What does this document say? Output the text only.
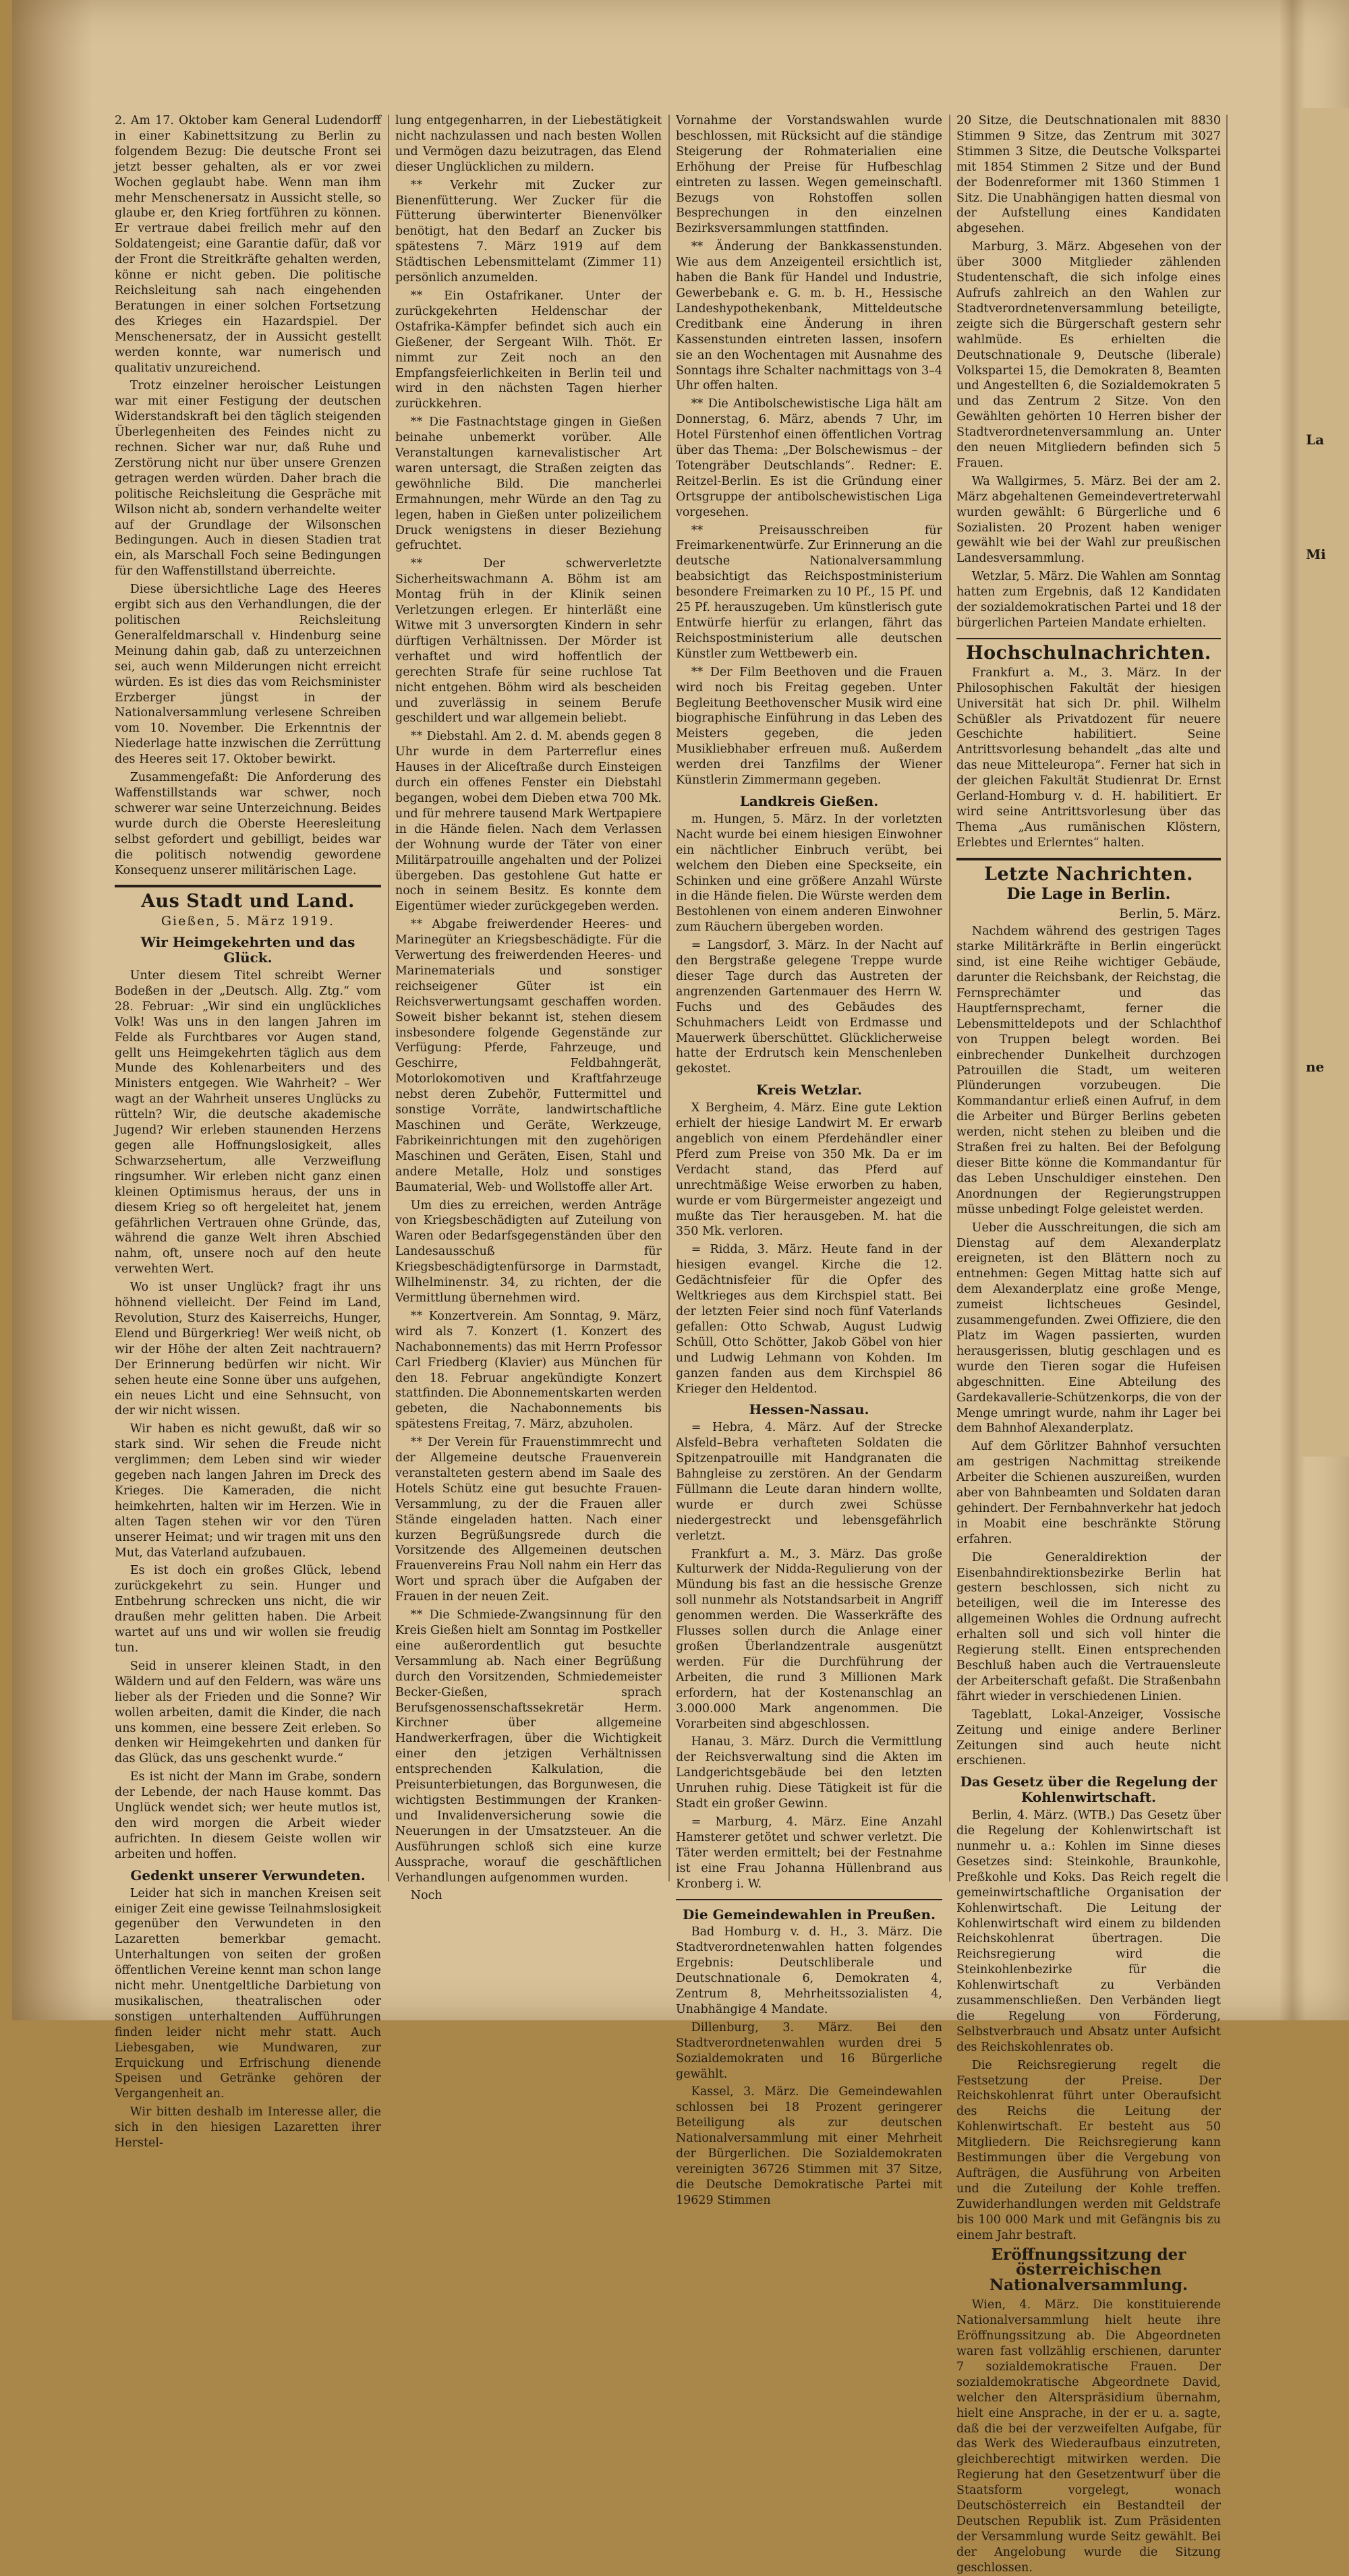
2. Am 17. Oktober kam General Ludendorff in einer Kabinettsitzung zu Berlin zu folgendem Bezug: Die deutsche Front sei jetzt besser gehalten, als er vor zwei Wochen geglaubt habe. Wenn man ihm mehr Menschenersatz in Aussicht stelle, so glaube er, den Krieg fortführen zu können. Er vertraue dabei freilich mehr auf den Soldatengeist; eine Garantie dafür, daß vor der Front die Streitkräfte gehalten werden, könne er nicht geben. Die politische Reichsleitung sah nach eingehenden Beratungen in einer solchen Fortsetzung des Krieges ein Hazardspiel. Der Menschenersatz, der in Aussicht gestellt werden konnte, war numerisch und qualitativ unzureichend.

Trotz einzelner heroischer Leistungen war mit einer Festigung der deutschen Widerstandskraft bei den täglich steigenden Überlegenheiten des Feindes nicht zu rechnen. Sicher war nur, daß Ruhe und Zerstörung nicht nur über unsere Grenzen getragen werden würden. Daher brach die politische Reichsleitung die Gespräche mit Wilson nicht ab, sondern verhandelte weiter auf der Grundlage der Wilsonschen Bedingungen. Auch in diesen Stadien trat ein, als Marschall Foch seine Bedingungen für den Waffenstillstand überreichte.

Diese übersichtliche Lage des Heeres ergibt sich aus den Verhandlungen, die der politischen Reichsleitung Generalfeldmarschall v. Hindenburg seine Meinung dahin gab, daß zu unterzeichnen sei, auch wenn Milderungen nicht erreicht würden. Es ist dies das vom Reichsminister Erzberger jüngst in der Nationalversammlung verlesene Schreiben vom 10. November. Die Erkenntnis der Niederlage hatte inzwischen die Zerrüttung des Heeres seit 17. Oktober bewirkt.

Zusammengefaßt: Die Anforderung des Waffenstillstands war schwer, noch schwerer war seine Unterzeichnung. Beides wurde durch die Oberste Heeresleitung selbst gefordert und gebilligt, beides war die politisch notwendig gewordene Konsequenz unserer militärischen Lage.

Aus Stadt und Land.
Gießen, 5. März 1919.
Wir Heimgekehrten und das Glück.

Unter diesem Titel schreibt Werner Bodeßen in der „Deutsch. Allg. Ztg.“ vom 28. Februar: „Wir sind ein unglückliches Volk! Was uns in den langen Jahren im Felde als Furchtbares vor Augen stand, gellt uns Heimgekehrten täglich aus dem Munde des Kohlenarbeiters und des Ministers entgegen. Wie Wahrheit? – Wer wagt an der Wahrheit unseres Unglücks zu rütteln? Wir, die deutsche akademische Jugend? Wir erleben staunenden Herzens gegen alle Hoffnungslosigkeit, alles Schwarzsehertum, alle Verzweiflung ringsumher. Wir erleben nicht ganz einen kleinen Optimismus heraus, der uns in diesem Krieg so oft hergeleitet hat, jenem gefährlichen Vertrauen ohne Gründe, das, während die ganze Welt ihren Abschied nahm, oft, unsere noch auf den heute verwehten Wert.

Wo ist unser Unglück? fragt ihr uns höhnend vielleicht. Der Feind im Land, Revolution, Sturz des Kaiserreichs, Hunger, Elend und Bürgerkrieg! Wer weiß nicht, ob wir der Höhe der alten Zeit nachtrauern? Der Erinnerung bedürfen wir nicht. Wir sehen heute eine Sonne über uns aufgehen, ein neues Licht und eine Sehnsucht, von der wir nicht wissen.

Wir haben es nicht gewußt, daß wir so stark sind. Wir sehen die Freude nicht verglimmen; dem Leben sind wir wieder gegeben nach langen Jahren im Dreck des Krieges. Die Kameraden, die nicht heimkehrten, halten wir im Herzen. Wie in alten Tagen stehen wir vor den Türen unserer Heimat; und wir tragen mit uns den Mut, das Vaterland aufzubauen.

Es ist doch ein großes Glück, lebend zurückgekehrt zu sein. Hunger und Entbehrung schrecken uns nicht, die wir draußen mehr gelitten haben. Die Arbeit wartet auf uns und wir wollen sie freudig tun.

Seid in unserer kleinen Stadt, in den Wäldern und auf den Feldern, was wäre uns lieber als der Frieden und die Sonne? Wir wollen arbeiten, damit die Kinder, die nach uns kommen, eine bessere Zeit erleben. So denken wir Heimgekehrten und danken für das Glück, das uns geschenkt wurde.“

Es ist nicht der Mann im Grabe, sondern der Lebende, der nach Hause kommt. Das Unglück wendet sich; wer heute mutlos ist, den wird morgen die Arbeit wieder aufrichten. In diesem Geiste wollen wir arbeiten und hoffen.

Gedenkt unserer Verwundeten.

Leider hat sich in manchen Kreisen seit einiger Zeit eine gewisse Teilnahmslosigkeit gegenüber den Verwundeten in den Lazaretten bemerkbar gemacht. Unterhaltungen von seiten der großen öffentlichen Vereine kennt man schon lange nicht mehr. Unentgeltliche Darbietung von musikalischen, theatralischen oder sonstigen unterhaltenden Aufführungen finden leider nicht mehr statt. Auch Liebesgaben, wie Mundwaren, zur Erquickung und Erfrischung dienende Speisen und Getränke gehören der Vergangenheit an.

Wir bitten deshalb im Interesse aller, die sich in den hiesigen Lazaretten ihrer Herstel-

lung entgegenharren, in der Liebestätigkeit nicht nachzulassen und nach besten Wollen und Vermögen dazu beizutragen, das Elend dieser Unglücklichen zu mildern.

** Verkehr mit Zucker zur Bienenfütterung. Wer Zucker für die Fütterung überwinterter Bienenvölker benötigt, hat den Bedarf an Zucker bis spätestens 7. März 1919 auf dem Städtischen Lebensmittelamt (Zimmer 11) persönlich anzumelden.

** Ein Ostafrikaner. Unter der zurückgekehrten Heldenschar der Ostafrika-Kämpfer befindet sich auch ein Gießener, der Sergeant Wilh. Thöt. Er nimmt zur Zeit noch an den Empfangsfeierlichkeiten in Berlin teil und wird in den nächsten Tagen hierher zurückkehren.

** Die Fastnachtstage gingen in Gießen beinahe unbemerkt vorüber. Alle Veranstaltungen karnevalistischer Art waren untersagt, die Straßen zeigten das gewöhnliche Bild. Die mancherlei Ermahnungen, mehr Würde an den Tag zu legen, haben in Gießen unter polizeilichem Druck wenigstens in dieser Beziehung gefruchtet.

** Der schwerverletzte Sicherheitswachmann A. Böhm ist am Montag früh in der Klinik seinen Verletzungen erlegen. Er hinterläßt eine Witwe mit 3 unversorgten Kindern in sehr dürftigen Verhältnissen. Der Mörder ist verhaftet und wird hoffentlich der gerechten Strafe für seine ruchlose Tat nicht entgehen. Böhm wird als bescheiden und zuverlässig in seinem Berufe geschildert und war allgemein beliebt.

** Diebstahl. Am 2. d. M. abends gegen 8 Uhr wurde in dem Parterreflur eines Hauses in der Aliceſtraße durch Einsteigen durch ein offenes Fenster ein Diebstahl begangen, wobei dem Dieben etwa 700 Mk. und für mehrere tausend Mark Wertpapiere in die Hände fielen. Nach dem Verlassen der Wohnung wurde der Täter von einer Militärpatrouille angehalten und der Polizei übergeben. Das gestohlene Gut hatte er noch in seinem Besitz. Es konnte dem Eigentümer wieder zurückgegeben werden.

** Abgabe freiwerdender Heeres- und Marinegüter an Kriegsbeschädigte. Für die Verwertung des freiwerdenden Heeres- und Marinematerials und sonstiger reichseigener Güter ist ein Reichsverwertungsamt geschaffen worden. Soweit bisher bekannt ist, stehen diesem insbesondere folgende Gegenstände zur Verfügung: Pferde, Fahrzeuge, und Geschirre, Feldbahngerät, Motorlokomotiven und Kraftfahrzeuge nebst deren Zubehör, Futtermittel und sonstige Vorräte, landwirtschaftliche Maschinen und Geräte, Werkzeuge, Fabrikeinrichtungen mit den zugehörigen Maschinen und Geräten, Eisen, Stahl und andere Metalle, Holz und sonstiges Baumaterial, Web- und Wollstoffe aller Art.

Um dies zu erreichen, werden Anträge von Kriegsbeschädigten auf Zuteilung von Waren oder Bedarfsgegenständen über den Landesausschuß für Kriegsbeschädigtenfürsorge in Darmstadt, Wilhelminenstr. 34, zu richten, der die Vermittlung übernehmen wird.

** Konzertverein. Am Sonntag, 9. März, wird als 7. Konzert (1. Konzert des Nachabonnements) das mit Herrn Professor Carl Friedberg (Klavier) aus München für den 18. Februar angekündigte Konzert stattfinden. Die Abonnementskarten werden gebeten, die Nachabonnements bis spätestens Freitag, 7. März, abzuholen.

** Der Verein für Frauenstimmrecht und der Allgemeine deutsche Frauenverein veranstalteten gestern abend im Saale des Hotels Schütz eine gut besuchte Frauen-Versammlung, zu der die Frauen aller Stände eingeladen hatten. Nach einer kurzen Begrüßungsrede durch die Vorsitzende des Allgemeinen deutschen Frauenvereins Frau Noll nahm ein Herr das Wort und sprach über die Aufgaben der Frauen in der neuen Zeit.

** Die Schmiede-Zwangsinnung für den Kreis Gießen hielt am Sonntag im Postkeller eine außerordentlich gut besuchte Versammlung ab. Nach einer Begrüßung durch den Vorsitzenden, Schmiedemeister Becker-Gießen, sprach Berufsgenossenschaftssekretär Herm. Kirchner über allgemeine Handwerkerfragen, über die Wichtigkeit einer den jetzigen Verhältnissen entsprechenden Kalkulation, die Preisunterbietungen, das Borgunwesen, die wichtigsten Bestimmungen der Kranken- und Invalidenversicherung sowie die Neuerungen in der Umsatzsteuer. An die Ausführungen schloß sich eine kurze Aussprache, worauf die geschäftlichen Verhandlungen aufgenommen wurden.

Noch

Vornahme der Vorstandswahlen wurde beschlossen, mit Rücksicht auf die ständige Steigerung der Rohmaterialien eine Erhöhung der Preise für Hufbeschlag eintreten zu lassen. Wegen gemeinschaftl. Bezugs von Rohstoffen sollen Besprechungen in den einzelnen Bezirksversammlungen stattfinden.

** Änderung der Bankkassenstunden. Wie aus dem Anzeigenteil ersichtlich ist, haben die Bank für Handel und Industrie, Gewerbebank e. G. m. b. H., Hessische Landeshypothekenbank, Mitteldeutsche Creditbank eine Änderung in ihren Kassenstunden eintreten lassen, insofern sie an den Wochentagen mit Ausnahme des Sonntags ihre Schalter nachmittags von 3–4 Uhr offen halten.

** Die Antibolschewistische Liga hält am Donnerstag, 6. März, abends 7 Uhr, im Hotel Fürstenhof einen öffentlichen Vortrag über das Thema: „Der Bolschewismus – der Totengräber Deutschlands“. Redner: E. Reitzel-Berlin. Es ist die Gründung einer Ortsgruppe der antibolschewistischen Liga vorgesehen.

** Preisausschreiben für Freimarkenentwürfe. Zur Erinnerung an die deutsche Nationalversammlung beabsichtigt das Reichspostministerium besondere Freimarken zu 10 Pf., 15 Pf. und 25 Pf. herauszugeben. Um künstlerisch gute Entwürfe hierfür zu erlangen, fährt das Reichspostministerium alle deutschen Künstler zum Wettbewerb ein.

** Der Film Beethoven und die Frauen wird noch bis Freitag gegeben. Unter Begleitung Beethovenscher Musik wird eine biographische Einführung in das Leben des Meisters gegeben, die jeden Musikliebhaber erfreuen muß. Außerdem werden drei Tanzfilms der Wiener Künstlerin Zimmermann gegeben.

Landkreis Gießen.

m. Hungen, 5. März. In der vorletzten Nacht wurde bei einem hiesigen Einwohner ein nächtlicher Einbruch verübt, bei welchem den Dieben eine Speckseite, ein Schinken und eine größere Anzahl Würste in die Hände fielen. Die Würste werden dem Bestohlenen von einem anderen Einwohner zum Räuchern übergeben worden.

= Langsdorf, 3. März. In der Nacht auf den Bergstraße gelegene Treppe wurde dieser Tage durch das Austreten der angrenzenden Gartenmauer des Herrn W. Fuchs und des Gebäudes des Schuhmachers Leidt von Erdmasse und Mauerwerk überschüttet. Glücklicherweise hatte der Erdrutsch kein Menschenleben gekostet.

Kreis Wetzlar.

X Bergheim, 4. März. Eine gute Lektion erhielt der hiesige Landwirt M. Er erwarb angeblich von einem Pferdehändler einer Pferd zum Preise von 350 Mk. Da er im Verdacht stand, das Pferd auf unrechtmäßige Weise erworben zu haben, wurde er vom Bürgermeister angezeigt und mußte das Tier herausgeben. M. hat die 350 Mk. verloren.

= Ridda, 3. März. Heute fand in der hiesigen evangel. Kirche die 12. Gedächtnisfeier für die Opfer des Weltkrieges aus dem Kirchspiel statt. Bei der letzten Feier sind noch fünf Vaterlands gefallen: Otto Schwab, August Ludwig Schüll, Otto Schötter, Jakob Göbel von hier und Ludwig Lehmann von Kohden. Im ganzen fanden aus dem Kirchspiel 86 Krieger den Heldentod.

Hessen-Nassau.

= Hebra, 4. März. Auf der Strecke Alsfeld–Bebra verhafteten Soldaten die Spitzenpatrouille mit Handgranaten die Bahngleise zu zerstören. An der Gendarm Füllmann die Leute daran hindern wollte, wurde er durch zwei Schüsse niedergestreckt und lebensgefährlich verletzt.

Frankfurt a. M., 3. März. Das große Kulturwerk der Nidda-Regulierung von der Mündung bis fast an die hessische Grenze soll nunmehr als Notstandsarbeit in Angriff genommen werden. Die Wasserkräfte des Flusses sollen durch die Anlage einer großen Überlandzentrale ausgenützt werden. Für die Durchführung der Arbeiten, die rund 3 Millionen Mark erfordern, hat der Kostenanschlag an 3.000.000 Mark angenommen. Die Vorarbeiten sind abgeschlossen.

Hanau, 3. März. Durch die Vermittlung der Reichsverwaltung sind die Akten im Landgerichtsgebäude bei den letzten Unruhen ruhig. Diese Tätigkeit ist für die Stadt ein großer Gewinn.

= Marburg, 4. März. Eine Anzahl Hamsterer getötet und schwer verletzt. Die Täter werden ermittelt; bei der Festnahme ist eine Frau Johanna Hüllenbrand aus Kronberg i. W.

Die Gemeindewahlen in Preußen.

Bad Homburg v. d. H., 3. März. Die Stadtverordnetenwahlen hatten folgendes Ergebnis: Deutschliberale und Deutschnationale 6, Demokraten 4, Zentrum 8, Mehrheitssozialisten 4, Unabhängige 4 Mandate.

Dillenburg, 3. März. Bei den Stadtverordnetenwahlen wurden drei 5 Sozialdemokraten und 16 Bürgerliche gewählt.

Kassel, 3. März. Die Gemeindewahlen schlossen bei 18 Prozent geringerer Beteiligung als zur deutschen Nationalversammlung mit einer Mehrheit der Bürgerlichen. Die Sozialdemokraten vereinigten 36726 Stimmen mit 37 Sitze, die Deutsche Demokratische Partei mit 19629 Stimmen

20 Sitze, die Deutschnationalen mit 8830 Stimmen 9 Sitze, das Zentrum mit 3027 Stimmen 3 Sitze, die Deutsche Volkspartei mit 1854 Stimmen 2 Sitze und der Bund der Bodenreformer mit 1360 Stimmen 1 Sitz. Die Unabhängigen hatten diesmal von der Aufstellung eines Kandidaten abgesehen.

Marburg, 3. März. Abgesehen von der über 3000 Mitglieder zählenden Studentenschaft, die sich infolge eines Aufrufs zahlreich an den Wahlen zur Stadtverordnetenversammlung beteiligte, zeigte sich die Bürgerschaft gestern sehr wahlmüde. Es erhielten die Deutschnationale 9, Deutsche (liberale) Volkspartei 15, die Demokraten 8, Beamten und Angestellten 6, die Sozialdemokraten 5 und das Zentrum 2 Sitze. Von den Gewählten gehörten 10 Herren bisher der Stadtverordnetenversammlung an. Unter den neuen Mitgliedern befinden sich 5 Frauen.

Wa Wallgirmes, 5. März. Bei der am 2. März abgehaltenen Gemeindevertreterwahl wurden gewählt: 6 Bürgerliche und 6 Sozialisten. 20 Prozent haben weniger gewählt wie bei der Wahl zur preußischen Landesversammlung.

Wetzlar, 5. März. Die Wahlen am Sonntag hatten zum Ergebnis, daß 12 Kandidaten der sozialdemokratischen Partei und 18 der bürgerlichen Parteien Mandate erhielten.

Hochschulnachrichten.

Frankfurt a. M., 3. März. In der Philosophischen Fakultät der hiesigen Universität hat sich Dr. phil. Wilhelm Schüßler als Privatdozent für neuere Geschichte habilitiert. Seine Antrittsvorlesung behandelt „das alte und das neue Mitteleuropa“. Ferner hat sich in der gleichen Fakultät Studienrat Dr. Ernst Gerland-Homburg v. d. H. habilitiert. Er wird seine Antrittsvorlesung über das Thema „Aus rumänischen Klöstern, Erlebtes und Erlerntes“ halten.

Letzte Nachrichten.
Die Lage in Berlin.
Berlin, 5. März.

Nachdem während des gestrigen Tages starke Militärkräfte in Berlin eingerückt sind, ist eine Reihe wichtiger Gebäude, darunter die Reichsbank, der Reichstag, die Fernsprechämter und das Hauptfernsprechamt, ferner die Lebensmitteldepots und der Schlachthof von Truppen belegt worden. Bei einbrechender Dunkelheit durchzogen Patrouillen die Stadt, um weiteren Plünderungen vorzubeugen. Die Kommandantur erließ einen Aufruf, in dem die Arbeiter und Bürger Berlins gebeten werden, nicht stehen zu bleiben und die Straßen frei zu halten. Bei der Befolgung dieser Bitte könne die Kommandantur für das Leben Unschuldiger einstehen. Den Anordnungen der Regierungstruppen müsse unbedingt Folge geleistet werden.

Ueber die Ausschreitungen, die sich am Dienstag auf dem Alexanderplatz ereigneten, ist den Blättern noch zu entnehmen: Gegen Mittag hatte sich auf dem Alexanderplatz eine große Menge, zumeist lichtscheues Gesindel, zusammengefunden. Zwei Offiziere, die den Platz im Wagen passierten, wurden herausgerissen, blutig geschlagen und es wurde den Tieren sogar die Hufeisen abgeschnitten. Eine Abteilung des Gardekavallerie-Schützenkorps, die von der Menge umringt wurde, nahm ihr Lager bei dem Bahnhof Alexanderplatz.

Auf dem Görlitzer Bahnhof versuchten am gestrigen Nachmittag streikende Arbeiter die Schienen auszureißen, wurden aber von Bahnbeamten und Soldaten daran gehindert. Der Fernbahnverkehr hat jedoch in Moabit eine beschränkte Störung erfahren.

Die Generaldirektion der Eisenbahndirektionsbezirke Berlin hat gestern beschlossen, sich nicht zu beteiligen, weil die im Interesse des allgemeinen Wohles die Ordnung aufrecht erhalten soll und sich voll hinter die Regierung stellt. Einen entsprechenden Beschluß haben auch die Vertrauensleute der Arbeiterschaft gefaßt. Die Straßenbahn fährt wieder in verschiedenen Linien.

Tageblatt, Lokal-Anzeiger, Vossische Zeitung und einige andere Berliner Zeitungen sind auch heute nicht erschienen.

Das Gesetz über die Regelung der Kohlenwirtschaft.

Berlin, 4. März. (WTB.) Das Gesetz über die Regelung der Kohlenwirtschaft ist nunmehr u. a.: Kohlen im Sinne dieses Gesetzes sind: Steinkohle, Braunkohle, Preßkohle und Koks. Das Reich regelt die gemeinwirtschaftliche Organisation der Kohlenwirtschaft. Die Leitung der Kohlenwirtschaft wird einem zu bildenden Reichskohlenrat übertragen. Die Reichsregierung wird die Steinkohlenbezirke für die Kohlenwirtschaft zu Verbänden zusammenschließen. Den Verbänden liegt die Regelung von Förderung, Selbstverbrauch und Absatz unter Aufsicht des Reichskohlenrates ob.

Die Reichsregierung regelt die Festsetzung der Preise. Der Reichskohlenrat führt unter Oberaufsicht des Reichs die Leitung der Kohlenwirtschaft. Er besteht aus 50 Mitgliedern. Die Reichsregierung kann Bestimmungen über die Vergebung von Aufträgen, die Ausführung von Arbeiten und die Zuteilung der Kohle treffen. Zuwiderhandlungen werden mit Geldstrafe bis 100 000 Mark und mit Gefängnis bis zu einem Jahr bestraft.

Eröffnungssitzung der österreichischen Nationalversammlung.

Wien, 4. März. Die konstituierende Nationalversammlung hielt heute ihre Eröffnungssitzung ab. Die Abgeordneten waren fast vollzählig erschienen, darunter 7 sozialdemokratische Frauen. Der sozialdemokratische Abgeordnete David, welcher den Alterspräsidium übernahm, hielt eine Ansprache, in der er u. a. sagte, daß die bei der verzweifelten Aufgabe, für das Werk des Wiederaufbaus einzutreten, gleichberechtigt mitwirken werden. Die Regierung hat den Gesetzentwurf über die Staatsform vorgelegt, wonach Deutschösterreich ein Bestandteil der Deutschen Republik ist. Zum Präsidenten der Versammlung wurde Seitz gewählt. Bei der Angelobung wurde die Sitzung geschlossen.

La
Mi
ne
